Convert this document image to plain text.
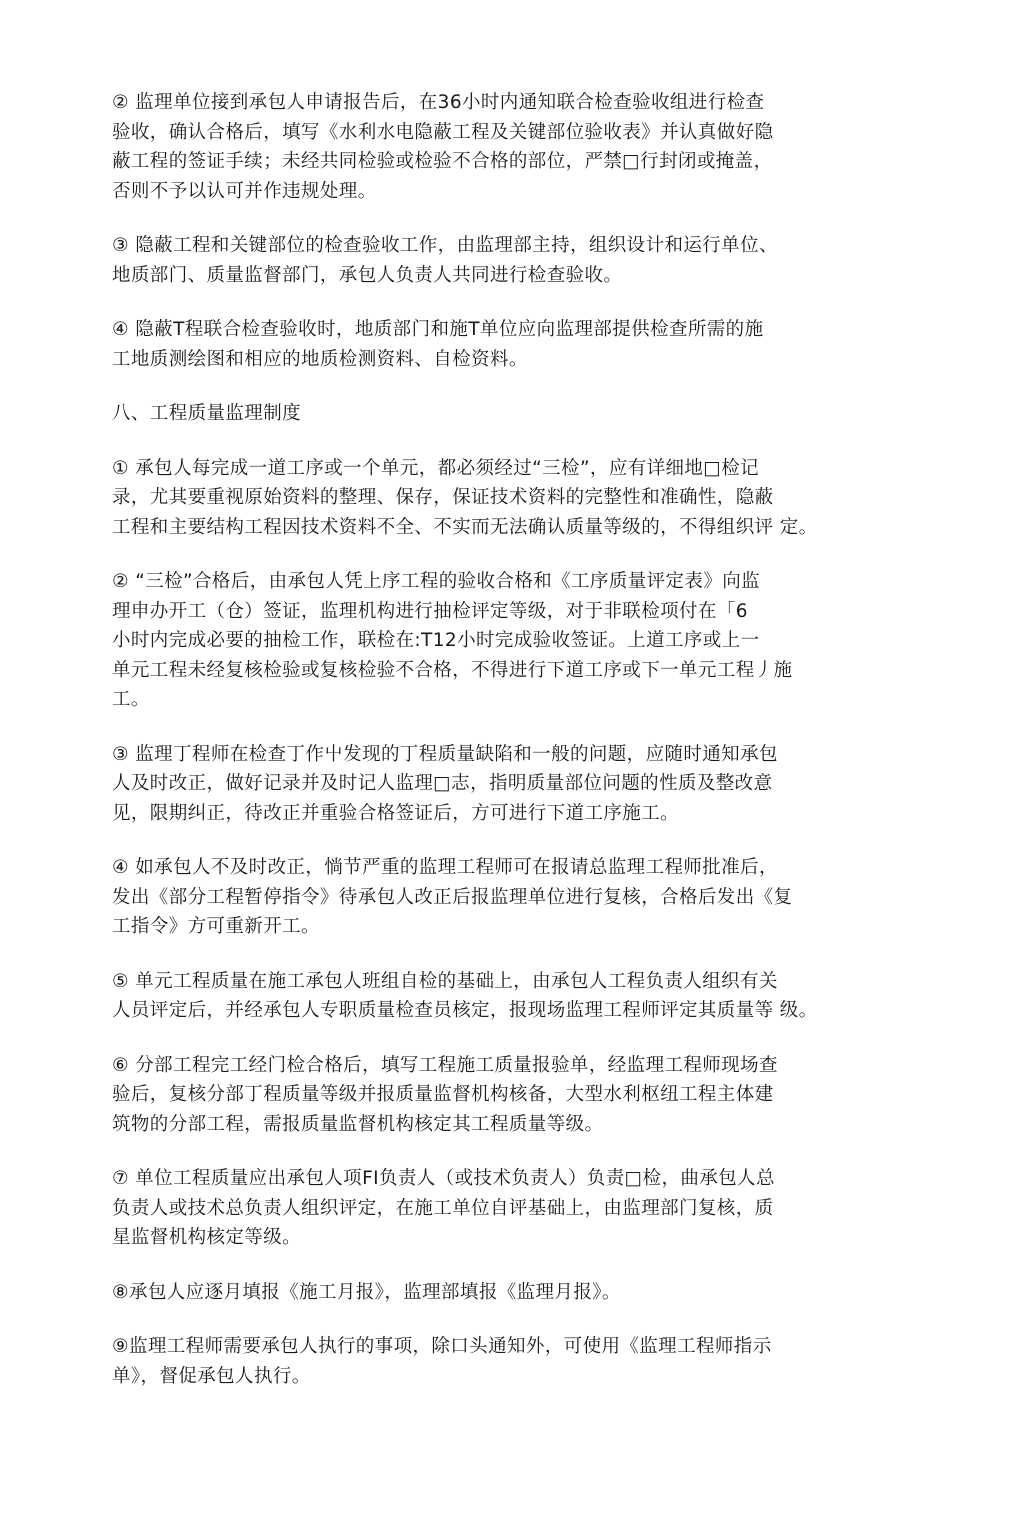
② 监理单位接到承包人申请报告后，在36小时内通知联合检查验收组进行检查
验收，确认合格后，填写《水利水电隐蔽工程及关键部位验收表》并认真做好隐
蔽工程的签证手续；未经共同检验或检验不合格的部位，严禁□行封闭或掩盖，
否则不予以认可并作违规处理。
③ 隐蔽工程和关键部位的检查验收工作，由监理部主持，组织设计和运行单位、
地质部门、质量监督部门，承包人负责人共同进行检查验收。
④ 隐蔽T程联合检查验收时，地质部门和施T单位应向监理部提供检查所需的施
工地质测绘图和相应的地质检测资料、自检资料。
八、工程质量监理制度
① 承包人每完成一道工序或一个单元，都必须经过“三检”，应有详细地□检记
录，尤其要重视原始资料的整理、保存，保证技术资料的完整性和准确性，隐蔽
工程和主要结构工程因技术资料不全、不实而无法确认质量等级的，不得组织评 定。
② “三检”合格后，由承包人凭上序工程的验收合格和《工序质量评定表》向监
理申办开工（仓）签证，监理机构进行抽检评定等级，对于非联检项付在「6
小时内完成必要的抽检工作，联检在:T12小时完成验收签证。上道工序或上一
单元工程未经复核检验或复核检验不合格，不得进行下道工序或下一单元工程丿施
工。
③ 监理丁程师在检查丁作屮发现的丁程质量缺陷和一般的问题，应随时通知承包
人及时改正，做好记录并及时记人监理□志，指明质量部位问题的性质及整改意
见，限期纠正，待改正并重验合格签证后，方可进行下道工序施工。
④ 如承包人不及时改正，惝节严重的监理工程师可在报请总监理工程师批准后，
发出《部分工程暂停指令》待承包人改正后报监理单位进行复核，合格后发出《复
工指令》方可重新开工。
⑤ 单元工程质量在施工承包人班组自检的基础上，由承包人工程负责人组织有关
人员评定后，并经承包人专职质量检查员核定，报现场监理工程师评定其质量等 级。
⑥ 分部工程完工经门检合格后，填写工程施工质量报验单，经监理工程师现场查
验后，复核分部丁程质量等级并报质量监督机构核备，大型水利枢纽工程主体建
筑物的分部工程，需报质量监督机构核定其工程质量等级。
⑦ 单位工程质量应出承包人项FI负责人（或技术负责人）负责□检，曲承包人总
负责人或技术总负责人组织评定，在施工单位自评基础上，由监理部门复核，质
星监督机构核定等级。
⑧承包人应逐月填报《施工月报》，监理部填报《监理月报》。
⑨监理工程师需要承包人执行的事项，除口头通知外，可使用《监理工程师指示
单》，督促承包人执行。
